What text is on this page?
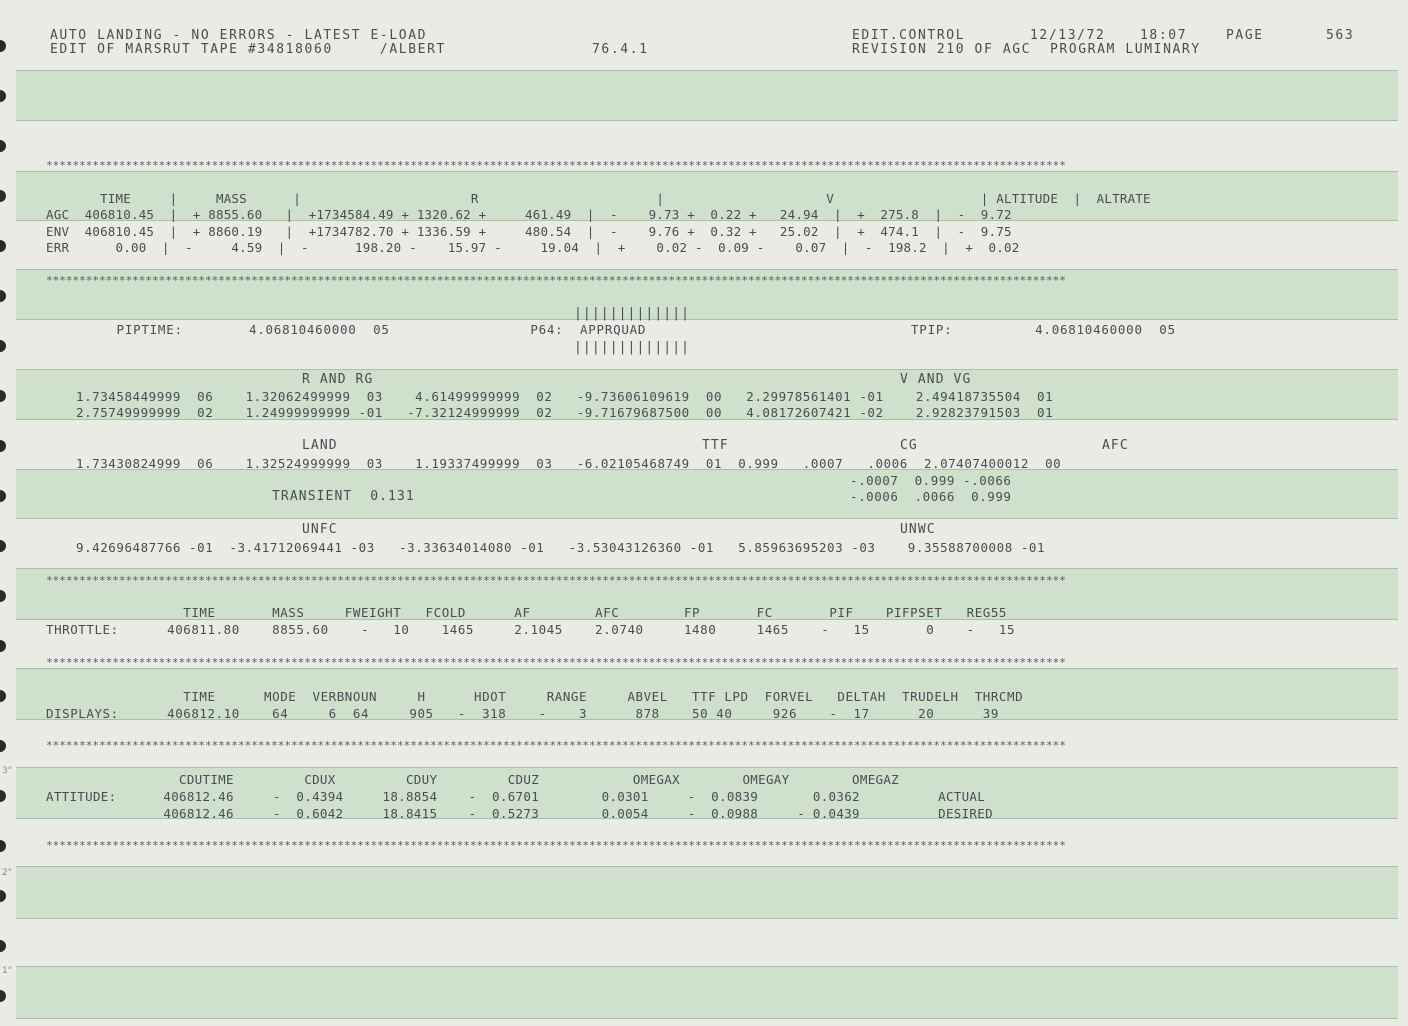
3"
2"
1"
AUTO LANDING - NO ERRORS - LATEST E-LOAD
EDIT OF MARSRUT TAPE #34818060     /ALBERT	76.4.1
EDIT.CONTROL	12/13/72	18:07	PAGE	563
REVISION 210 OF AGC  PROGRAM LUMINARY
**********************************************************************************************************************************************************
**********************************************************************************************************************************************************
**********************************************************************************************************************************************************
**********************************************************************************************************************************************************
**********************************************************************************************************************************************************
**********************************************************************************************************************************************************
TIME     |     MASS      |                      R                       |                     V                   | ALTITUDE  |  ALTRATE
AGC  406810.45  |  + 8855.60   |  +1734584.49 + 1320.62 +     461.49  |  -    9.73 +  0.22 +   24.94  |  +  275.8  |  -  9.72
ENV  406810.45  |  + 8860.19   |  +1734782.70 + 1336.59 +     480.54  |  -    9.76 +  0.32 +   25.02  |  +  474.1  |  -  9.75
ERR      0.00  |  -     4.59  |  -      198.20 -    15.97 -     19.04  |  +    0.02 -  0.09 -    0.07  |  -  198.2  |  +  0.02
|||||||||||||
PIPTIME:        4.06810460000  05                 P64:  APPRQUAD                                TPIP:          4.06810460000  05
|||||||||||||
R AND RG	V AND VG
1.73458449999  06    1.32062499999  03    4.61499999999  02   -9.73606109619  00   2.29978561401 -01    2.49418735504  01
2.75749999999  02    1.24999999999 -01   -7.32124999999  02   -9.71679687500  00   4.08172607421 -02    2.92823791503  01
LAND	TTF	CG	AFC
1.73430824999  06    1.32524999999  03    1.19337499999  03   -6.02105468749  01  0.999   .0007   .0006  2.07407400012  00
-.0007  0.999 -.0066
TRANSIENT  0.131	-.0006  .0066  0.999
UNFC	UNWC
9.42696487766 -01  -3.41712069441 -03   -3.33634014080 -01   -3.53043126360 -01   5.85963695203 -03    9.35588700008 -01
TIME       MASS     FWEIGHT   FCOLD      AF        AFC        FP       FC       PIF    PIFPSET   REG55
THROTTLE:      406811.80    8855.60    -   10    1465     2.1045    2.0740     1480     1465    -   15       0    -   15
TIME      MODE  VERBNOUN     H      HDOT     RANGE     ABVEL   TTF LPD  FORVEL   DELTAH  TRUDELH  THRCMD
DISPLAYS:      406812.10    64     6  64     905   -  318    -    3      878    50 40     926    -  17      20      39
CDUTIME         CDUX         CDUY         CDUZ            OMEGAX        OMEGAY        OMEGAZ
ATTITUDE:      406812.46     -  0.4394     18.8854    -  0.6701        0.0301     -  0.0839       0.0362          ACTUAL
406812.46     -  0.6042     18.8415    -  0.5273        0.0054     -  0.0988     - 0.0439          DESIRED
